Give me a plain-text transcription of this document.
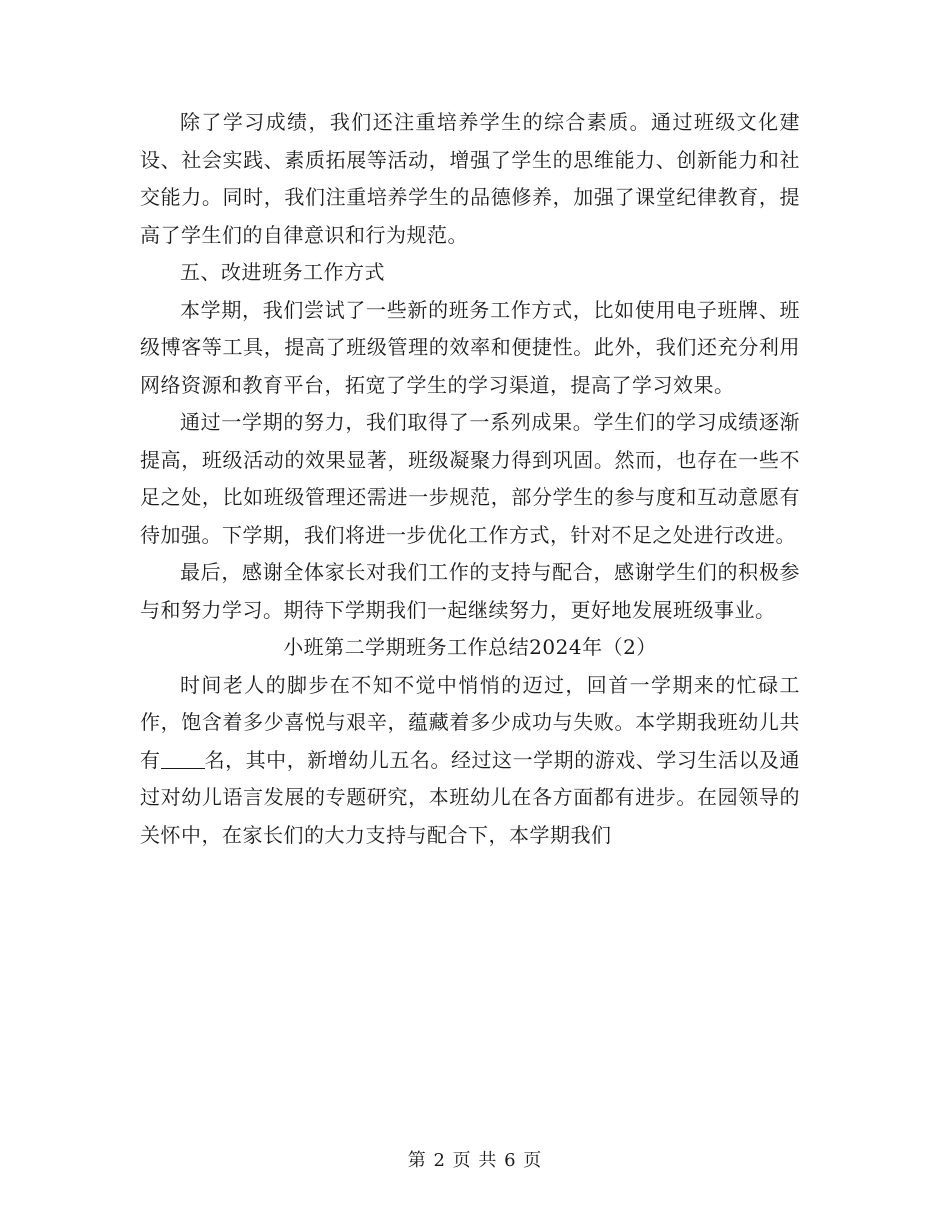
除了学习成绩，我们还注重培养学生的综合素质。通过班级文化建设、社会实践、素质拓展等活动，增强了学生的思维能力、创新能力和社交能力。同时，我们注重培养学生的品德修养，加强了课堂纪律教育，提高了学生们的自律意识和行为规范。

五、改进班务工作方式

本学期，我们尝试了一些新的班务工作方式，比如使用电子班牌、班级博客等工具，提高了班级管理的效率和便捷性。此外，我们还充分利用网络资源和教育平台，拓宽了学生的学习渠道，提高了学习效果。

通过一学期的努力，我们取得了一系列成果。学生们的学习成绩逐渐提高，班级活动的效果显著，班级凝聚力得到巩固。然而，也存在一些不足之处，比如班级管理还需进一步规范，部分学生的参与度和互动意愿有待加强。下学期，我们将进一步优化工作方式，针对不足之处进行改进。

最后，感谢全体家长对我们工作的支持与配合，感谢学生们的积极参与和努力学习。期待下学期我们一起继续努力，更好地发展班级事业。

小班第二学期班务工作总结2024年（2）

时间老人的脚步在不知不觉中悄悄的迈过，回首一学期来的忙碌工作，饱含着多少喜悦与艰辛，蕴藏着多少成功与失败。本学期我班幼儿共有 名，其中，新增幼儿五名。经过这一学期的游戏、学习生活以及通过对幼儿语言发展的专题研究，本班幼儿在各方面都有进步。在园领导的关怀中，在家长们的大力支持与配合下，本学期我们

第 2 页 共 6 页
